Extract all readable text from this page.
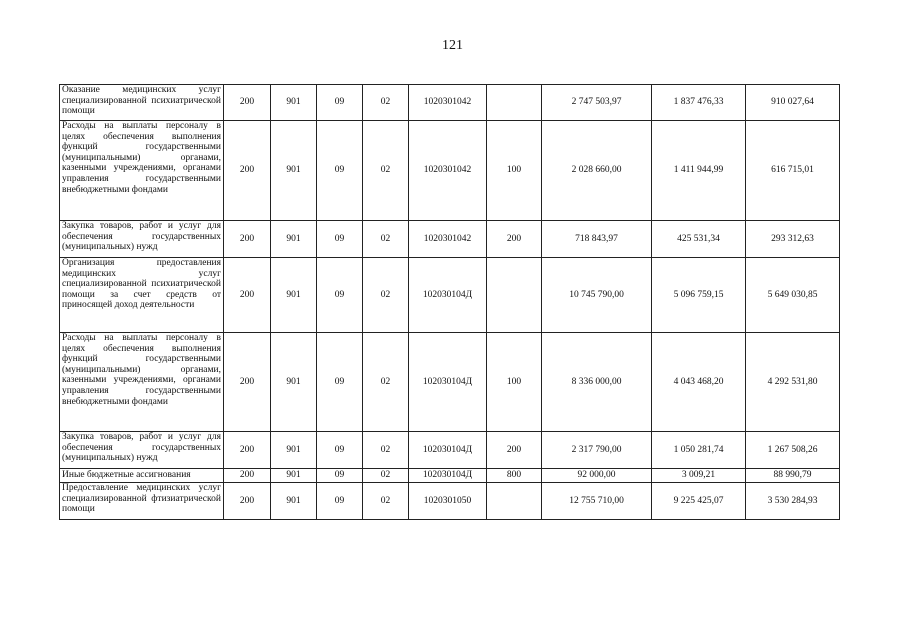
121
Оказание медицинских услуг специализированной психиатрической помощи	200	901	09	02	1020301042		2 747 503,97	1 837 476,33	910 027,64
Расходы на выплаты персоналу в целях обеспечения выполнения функций государственными (муниципальными) органами, казенными учреждениями, органами управления государственными внебюджетными фондами	200	901	09	02	1020301042	100	2 028 660,00	1 411 944,99	616 715,01
Закупка товаров, работ и услуг для обеспечения государственных (муниципальных) нужд	200	901	09	02	1020301042	200	718 843,97	425 531,34	293 312,63
Организация предоставления медицинских услуг специализированной психиатрической помощи за счет средств от приносящей доход деятельности	200	901	09	02	102030104Д		10 745 790,00	5 096 759,15	5 649 030,85
Расходы на выплаты персоналу в целях обеспечения выполнения функций государственными (муниципальными) органами, казенными учреждениями, органами управления государственными внебюджетными фондами	200	901	09	02	102030104Д	100	8 336 000,00	4 043 468,20	4 292 531,80
Закупка товаров, работ и услуг для обеспечения государственных (муниципальных) нужд	200	901	09	02	102030104Д	200	2 317 790,00	1 050 281,74	1 267 508,26
Иные бюджетные ассигнования	200	901	09	02	102030104Д	800	92 000,00	3 009,21	88 990,79
Предоставление медицинских услуг специализированной фтизиатрической помощи	200	901	09	02	1020301050		12 755 710,00	9 225 425,07	3 530 284,93
